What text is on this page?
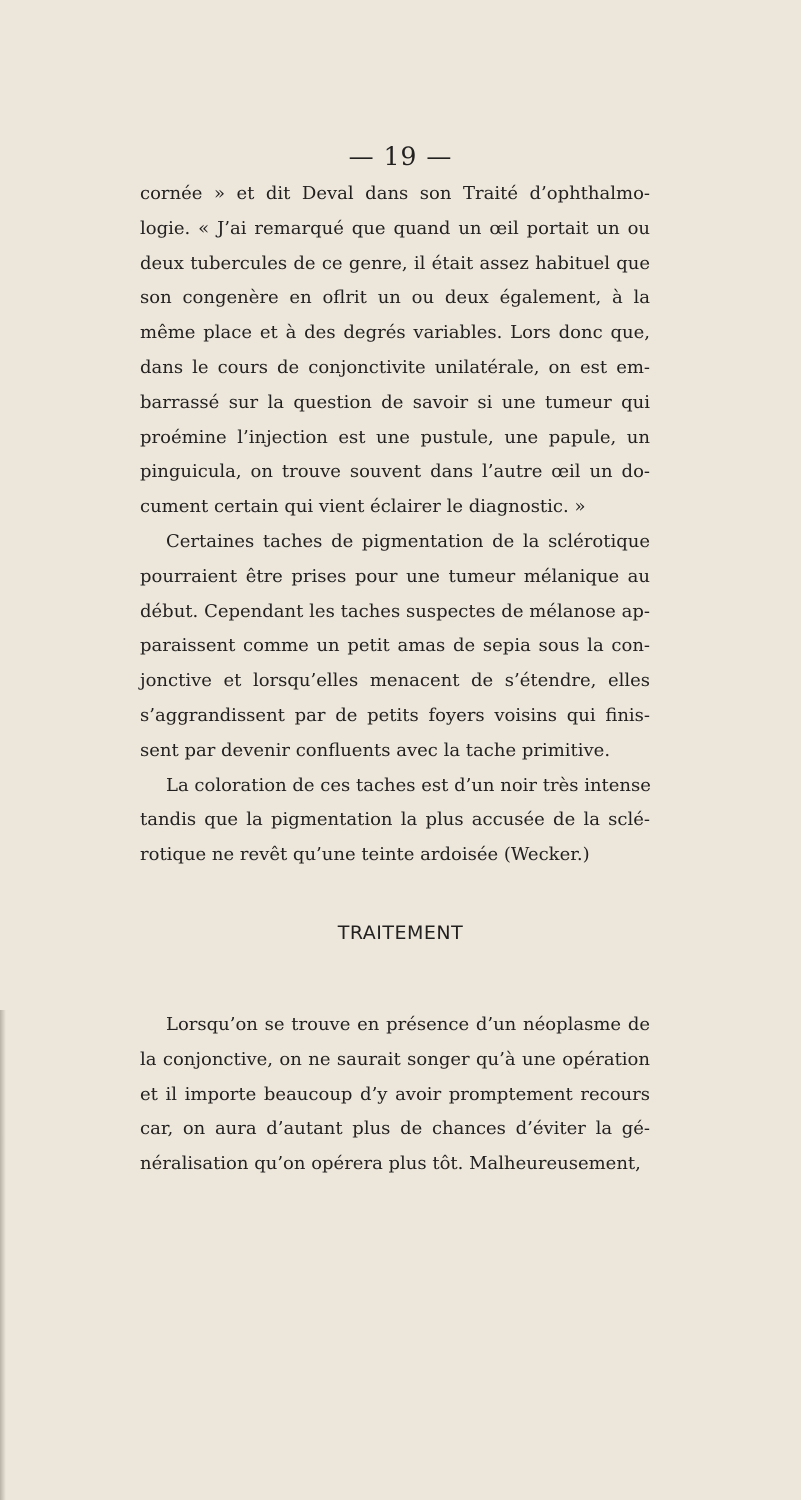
— 19 —
cornée » et dit Deval dans son Traité d’ophthalmo-
logie. « J’ai remarqué que quand un œil portait un ou
deux tubercules de ce genre, il était assez habituel que
son congenère en oflrit un ou deux également, à la
même place et à des degrés variables. Lors donc que,
dans le cours de conjonctivite unilatérale, on est em-
barrassé sur la question de savoir si une tumeur qui
proémine l’injection est une pustule, une papule, un
pinguicula, on trouve souvent dans l’autre œil un do-
cument certain qui vient éclairer le diagnostic. »
Certaines taches de pigmentation de la sclérotique
pourraient être prises pour une tumeur mélanique au
début. Cependant les taches suspectes de mélanose ap-
paraissent comme un petit amas de sepia sous la con-
jonctive et lorsqu’elles menacent de s’étendre, elles
s’aggrandissent par de petits foyers voisins qui finis-
sent par devenir confluents avec la tache primitive.
La coloration de ces taches est d’un noir très intense
tandis que la pigmentation la plus accusée de la sclé-
rotique ne revêt qu’une teinte ardoisée (Wecker.)
TRAITEMENT
Lorsqu’on se trouve en présence d’un néoplasme de
la conjonctive, on ne saurait songer qu’à une opération
et il importe beaucoup d’y avoir promptement recours
car, on aura d’autant plus de chances d’éviter la gé-
néralisation qu’on opérera plus tôt. Malheureusement,
